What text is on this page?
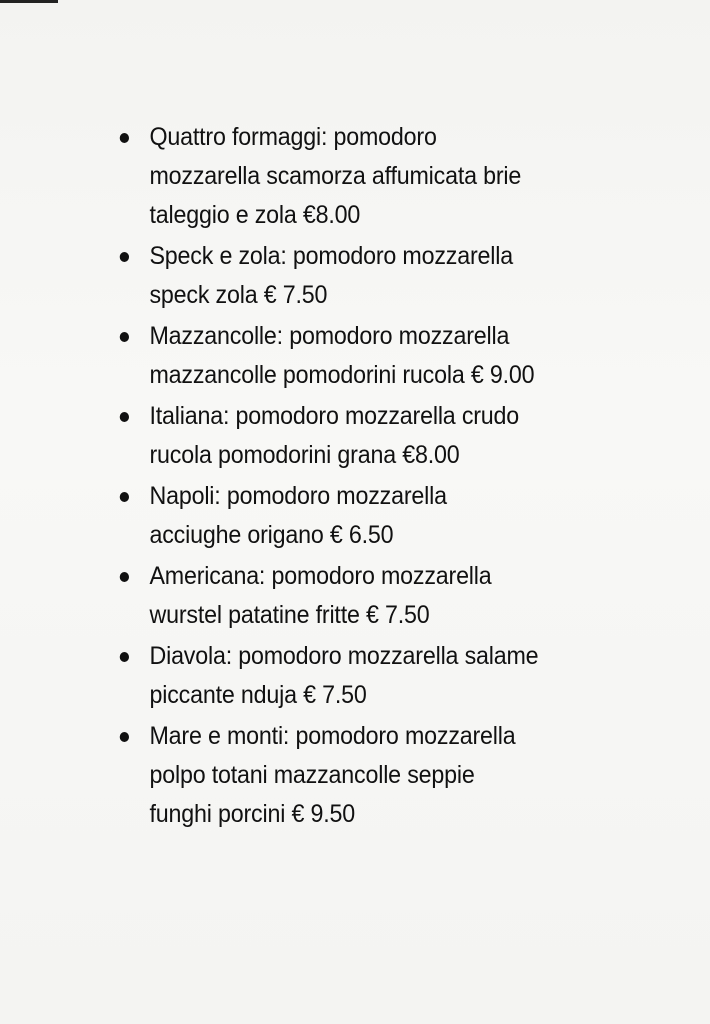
Quattro formaggi: pomodoro
mozzarella scamorza affumicata brie
taleggio e zola €8.00
Speck e zola: pomodoro mozzarella
speck zola € 7.50
Mazzancolle: pomodoro mozzarella
mazzancolle pomodorini rucola € 9.00
Italiana: pomodoro mozzarella crudo
rucola pomodorini grana €8.00
Napoli: pomodoro mozzarella
acciughe origano € 6.50
Americana: pomodoro mozzarella
wurstel patatine fritte € 7.50
Diavola: pomodoro mozzarella salame
piccante nduja € 7.50
Mare e monti: pomodoro mozzarella
polpo totani mazzancolle seppie
funghi porcini € 9.50
